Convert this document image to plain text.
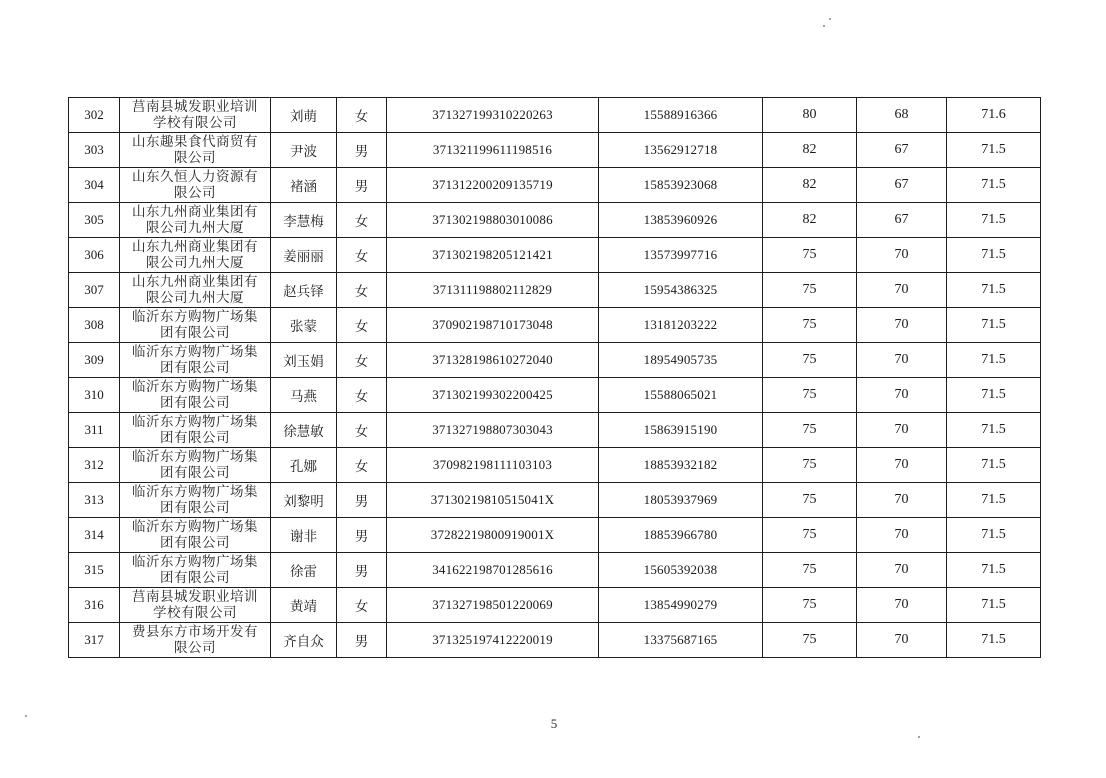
302	莒南县城发职业培训
学校有限公司	刘萌	女	371327199310220263	15588916366	80	68	71.6
303	山东趣果食代商贸有
限公司	尹波	男	371321199611198516	13562912718	82	67	71.5
304	山东久恒人力资源有
限公司	褚涵	男	371312200209135719	15853923068	82	67	71.5
305	山东九州商业集团有
限公司九州大厦	李慧梅	女	371302198803010086	13853960926	82	67	71.5
306	山东九州商业集团有
限公司九州大厦	姜丽丽	女	371302198205121421	13573997716	75	70	71.5
307	山东九州商业集团有
限公司九州大厦	赵兵铎	女	371311198802112829	15954386325	75	70	71.5
308	临沂东方购物广场集
团有限公司	张蒙	女	370902198710173048	13181203222	75	70	71.5
309	临沂东方购物广场集
团有限公司	刘玉娟	女	371328198610272040	18954905735	75	70	71.5
310	临沂东方购物广场集
团有限公司	马燕	女	371302199302200425	15588065021	75	70	71.5
311	临沂东方购物广场集
团有限公司	徐慧敏	女	371327198807303043	15863915190	75	70	71.5
312	临沂东方购物广场集
团有限公司	孔娜	女	370982198111103103	18853932182	75	70	71.5
313	临沂东方购物广场集
团有限公司	刘黎明	男	37130219810515041X	18053937969	75	70	71.5
314	临沂东方购物广场集
团有限公司	谢非	男	37282219800919001X	18853966780	75	70	71.5
315	临沂东方购物广场集
团有限公司	徐雷	男	341622198701285616	15605392038	75	70	71.5
316	莒南县城发职业培训
学校有限公司	黄靖	女	371327198501220069	13854990279	75	70	71.5
317	费县东方市场开发有
限公司	齐自众	男	371325197412220019	13375687165	75	70	71.5
5
